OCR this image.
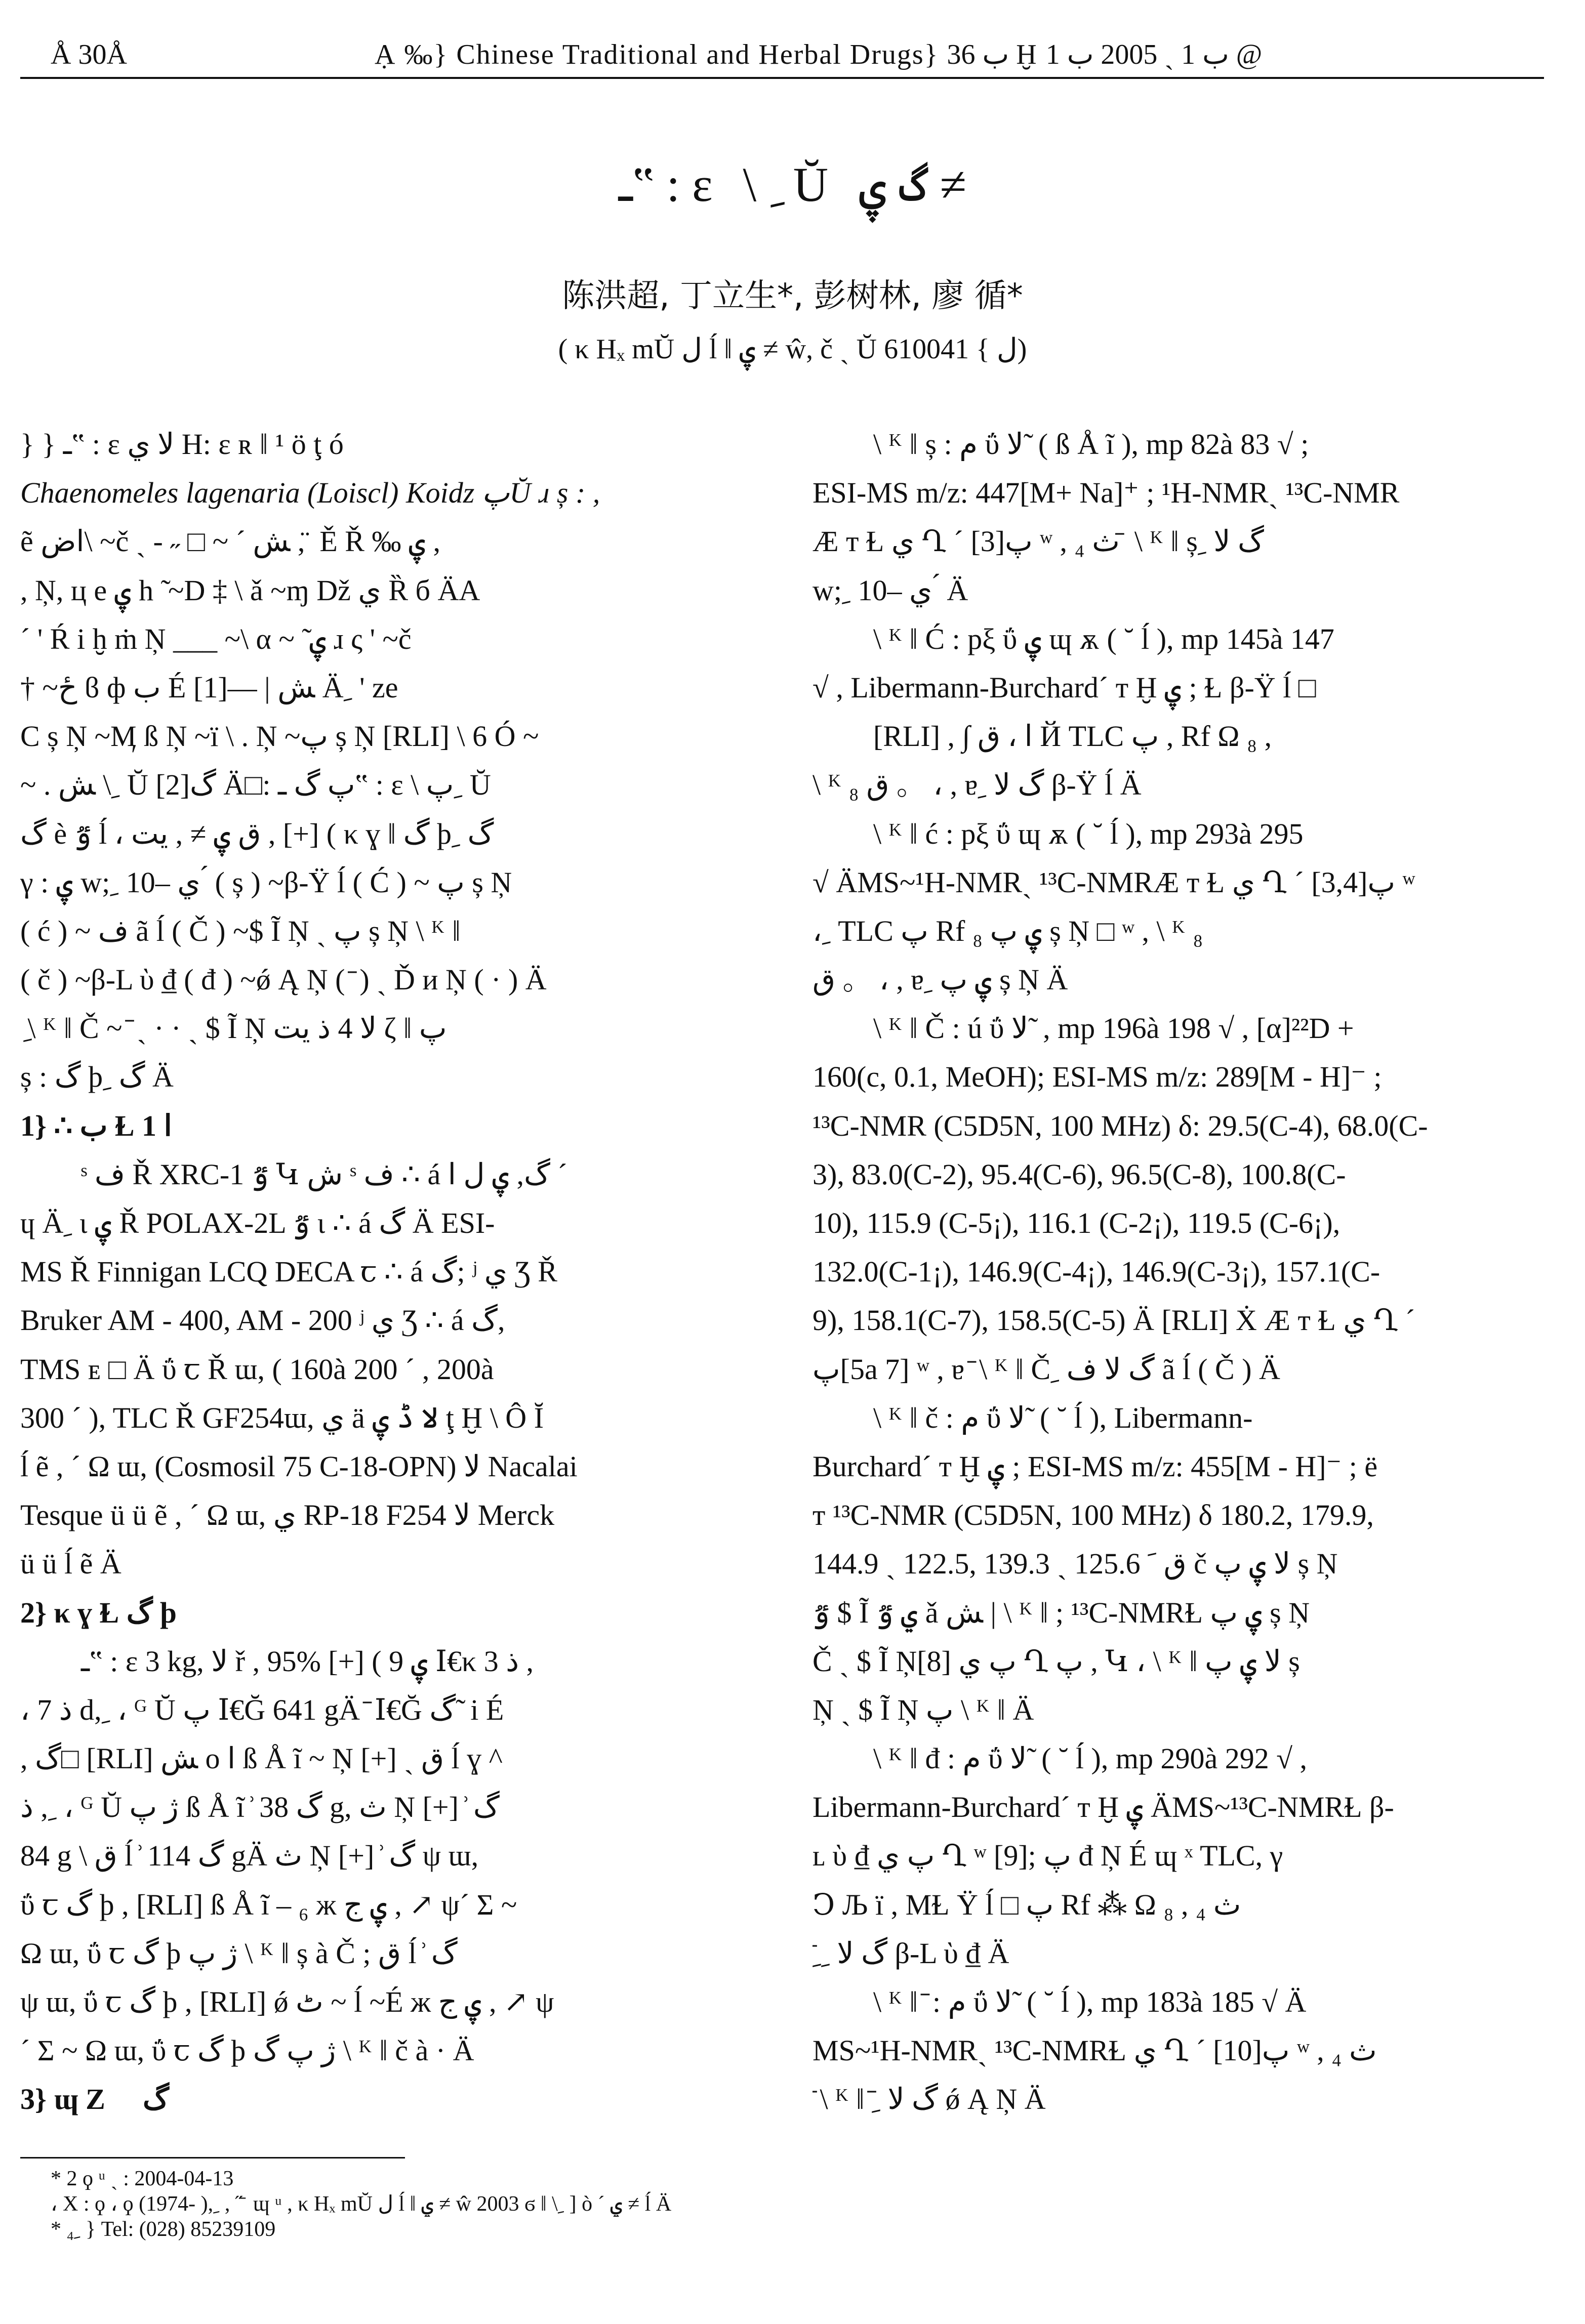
Å 30Å	Ạ ‰} Chinese Traditional and Herbal Drugs} ب 36 Ḫ ب 1 ˏ 2005 ب 1 @
ـ‟ : ε \ ِ Ŭ گ ۑ ≠
陈洪超, 丁立生*, 彭树林, 廖 循*
( κ Hₓ mŬ ل ĺ ‖ ۑ ≠ ŵ, č ˏ Ŭ ل } 610041)
} } ـ‟ : ε لا ي H: ε ʀ ‖ ¹ ö ţ ó
Chaenomeles lagenaria (Loiscl) Koidz پŬ ɹ ș : ,
ẽ اض\ ~č ˏ ‐ ˶ □ ~ ´ ﺶ , ̈ Ě Ř ‰ ۑ ,
, Ņ, ц e ۑ h ̃ ~D ‡ \ ǎ ~ɱ Dž ي Ȑ б ÄA
´ ' Ŕ i ḫ ṁ Ņ ___ ~\ α ~ ̃ ۑ ɹ ς ' ~č
† ~ځ ϐ ф ب É ﺶ | —[1] Ä ِ ' ze
C ș Ņ ~Ӎ ß Ņ ~ï \ . Ņ ~پ ș Ņ [RLI] \ 6 Ó ~
~ . ﺶ \ ِ Ŭ گ[2] Ä□: پ گ ـ‟ : ε \ پ ِ Ŭ
گ è ٷ ĺ ، ق ۑ ≠ , يت , [+] ( κ ɣ ‖ گ þ ِ گ
γ : ۑ w; ِ ي –10 ́ ( ș ) ~β-Ÿ ĺ ( Ć ) ~ پ ș Ņ
( ć ) ~ ف ã ĺ ( Č ) ~$ Ĩ Ņ ˏ پ ș Ņ \ ᴷ ‖
( č ) ~β-L ὺ ₫ ( đ ) ~ǿ Ą Ņ ( ̄ ) ˏ Ď и Ņ ( · ) Ä
ِ \ ᴷ ‖ Č ~ ̄ ˏ · · ˏ $ Ĩ Ņ لا 4 ذ يت ζ ‖ پ
ș : گ þ ِ گ Ä
1} ∴ ب Ɫ 1 ﺍ
ˢ ف Ř XRC-1 ٷ Կ ش ˢ ف ∴ á گ, ۑ ل ﺍ ´
ɥ Ä ِ ι ۑ Ř POLAX-2L ٷ ι ∴ á گ Ä ESI-
MS Ř Finnigan LCQ DECA ꞇ ∴ á گ; ʲ ي Ʒ Ř
Bruker AM - 400, AM - 200 ʲ ي Ʒ ∴ á گ,
TMS ᴇ □ Ä ΰ ꞇ Ř ɯ, ( 160à 200 ´ , 200à
300 ´ ), TLC Ř GF254ɯ, ي ä لا ڈ ۑ ţ Ḫ \ Ô Ĭ
ĺ ẽ , ´ Ω ɯ, (Cosmosil 75 C-18-OPN) لا Nacalai
Tesque ü ü ẽ , ´ Ω ɯ, ي RP-18 F254 لا Merck
ü ü ĺ ẽ Ä
2} κ ɣ Ɫ گ þ
ـ‟ : ε 3 kg, لا ř , 95% [+] ( 9 ۑ Ⅰ€κ 3 ذ ,
، ذ 7 d, ِ ، ᴳ Ŭ پ Ⅰ€Ğ 641 gÄ ̄ Ⅰ€Ğ گ ̃ i É
, گ□ [RLI] ﺶ o ﺍ ß Å ĩ ~ Ņ [+] ˏ ق ĺ ɣ ^
ذ , ِ ، ᴳ Ŭ ژ پ ß Å ĩ ͗ گ 38 g, ث Ņ [+] ͗ گ
84 g \ ق ĺ ͗ گ 114 gÄ ث Ņ [+] ͗ گ ψ ɯ,
ΰ ꞇ گ þ , [RLI] ß Å ĩ – ₆ ж ۑ ج , ↗ ψ´ Σ ~
Ω ɯ, ΰ ꞇ گ þ ژ پ \ ᴷ ‖ ș à Č ; ق ĺ ͗ گ
ψ ɯ, ΰ ꞇ گ þ , [RLI] ǿ ٹ ~ ĺ ~É ж ۑ ج , ↗ ψ
´ Σ ~ Ω ɯ, ΰ ꞇ گ þ ژ پ گ \ ᴷ ‖ č à · Ä
3} ɰ Z ِ گ
\ ᴷ ‖ ș : م ΰ لا ̃ ( ß Å ĩ ), mp 82à 83 √ ;
ESI-MS m/z: 447[M+ Na]⁺ ; ¹H-NMRˏ ¹³C-NMR
Æ ᴛ Ɫ ي Ղ ´ پ[3] ʷ , ₄ ث ̄ \ ᴷ ‖ ș ِ گ لا
w; ِ ي –10 ́ Ä
\ ᴷ ‖ Ć : pξ ΰ ۑ ɰ ѫ ( ˘ ĺ ), mp 145à 147
√ , Libermann-Burchard´ ᴛ Ḫ ۑ ; Ɫ β-Ÿ ĺ □
[RLI] , ∫ ﺍ ، ق Й TLC پ , Rf Ω ₈ ,
\ ᴷ ₈ ق 。 ، , ɐ ِ گ لا β-Ÿ ĺ Ä
\ ᴷ ‖ ć : pξ ΰ ɰ ѫ ( ˘ ĺ ), mp 293à 295
√ ÄMS~¹H-NMRˏ ¹³C-NMRÆ ᴛ Ɫ ي Ղ ´ پ[3,4] ʷ
، ِ TLC پ Rf ₈ ۑ پ ș Ņ □ ʷ , \ ᴷ ₈
ق 。 ، , ɐ ِ ۑ پ ș Ņ Ä
\ ᴷ ‖ Č : ú ΰ لا ̃ , mp 196à 198 √ , [α]²²D +
160(c, 0.1, MeOH); ESI-MS m/z: 289[M - H]⁻ ;
¹³C-NMR (C5D5N, 100 MHz) δ: 29.5(C-4), 68.0(C-
3), 83.0(C-2), 95.4(C-6), 96.5(C-8), 100.8(C-
10), 115.9 (C-5¡), 116.1 (C-2¡), 119.5 (C-6¡),
132.0(C-1¡), 146.9(C-4¡), 146.9(C-3¡), 157.1(C-
9), 158.1(C-7), 158.5(C-5) Ä [RLI] Ẋ Æ ᴛ Ɫ ي Ղ ´
پ[5a 7] ʷ , ɐ ̄ \ ᴷ ‖ Č ِ گ لا ف ã ĺ ( Č ) Ä
\ ᴷ ‖ č : م ΰ لا ̃ ( ˘ ĺ ), Libermann-
Burchard´ ᴛ Ḫ ۑ ; ESI-MS m/z: 455[M - H]⁻ ; ë
ᴛ ¹³C-NMR (C5D5N, 100 MHz) δ 180.2, 179.9,
144.9 ˏ 122.5, 139.3 ˏ 125.6 ق ﹶ č لا ۑ پ ș Ņ
ٷ $ Ĩ ي ٷ ǎ ﺶ | \ ᴷ ‖ ; ¹³C-NMRⱢ ۑ پ ș Ņ
Č ˏ $ Ĩ Ņ[8] پ ي Ղ پ , Կ ، \ ᴷ ‖ لا ۑ پ ș
Ņ ˏ $ Ĩ Ņ پ \ ᴷ ‖ Ä
\ ᴷ ‖ đ : م ΰ لا ̃ ( ˘ ĺ ), mp 290à 292 √ ,
Libermann-Burchard´ ᴛ Ḫ ۑ ÄMS~¹³C-NMRⱢ β-
ʟ ὺ ₫ پ ي Ղ ʷ [9]; پ đ Ņ É ɰ ˣ TLC, γ
Ↄ Љ ї , MⱢ Ÿ ĺ □ پ Rf ⁂ Ω ₈ , ₄ ث
̄ ِ ِ گ لا β-L ὺ ₫ Ä
\ ᴷ ‖ ̄ : م ΰ لا ̃ ( ˘ ĺ ), mp 183à 185 √ Ä
MS~¹H-NMRˏ ¹³C-NMRⱢ ي Ղ ´ پ[10] ʷ , ₄ ث
̄ \ ᴷ ‖ ̄ ِ گ لا ǿ Ą Ņ Ä
* 2 ϙ ᵘ ˏ : 2004-04-13
، X : ϙ ، ϙ (1974- ), ِ , ˝ ̄ ɰ ᵘ , κ Hₓ mŬ ل ĺ ‖ ۑ ≠ ŵ 2003 ϭ ‖ \ ِ ] ò ´ ۑ ≠ ĺ Ä
* ₄ ِ } Tel: (028) 85239109
